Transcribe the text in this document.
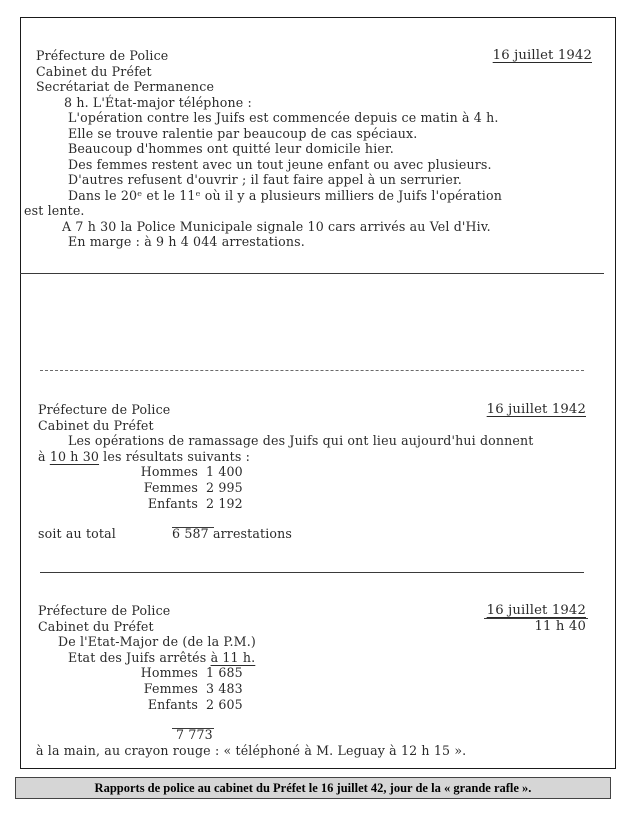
16 juillet 1942
Préfecture de Police
Cabinet du Préfet
Secrétariat de Permanence
8 h. L'État-major téléphone :
L'opération contre les Juifs est commencée depuis ce matin à 4 h.
Elle se trouve ralentie par beaucoup de cas spéciaux.
Beaucoup d'hommes ont quitté leur domicile hier.
Des femmes restent avec un tout jeune enfant ou avec plusieurs.
D'autres refusent d'ouvrir ; il faut faire appel à un serrurier.
Dans le 20ᵉ et le 11ᵉ où il y a plusieurs milliers de Juifs l'opération
est lente.
A 7 h 30 la Police Municipale signale 10 cars arrivés au Vel d'Hiv.
En marge : à 9 h 4 044 arrestations.
16 juillet 1942
Préfecture de Police
Cabinet du Préfet
Les opérations de ramassage des Juifs qui ont lieu aujourd'hui donnent
à 10 h 30 les résultats suivants :
Hommes 1 400
Femmes 2 995
Enfants 2 192
soit au total	6 587 arrestations
16 juillet 1942
11 h 40
Préfecture de Police
Cabinet du Préfet
De l'Etat-Major de (de la P.M.)
Etat des Juifs arrêtés à 11 h.
Hommes 1 685
Femmes 3 483
Enfants 2 605
7 773
à la main, au crayon rouge : « téléphoné à M. Leguay à 12 h 15 ».
Rapports de police au cabinet du Préfet le 16 juillet 42, jour de la « grande rafle ».
